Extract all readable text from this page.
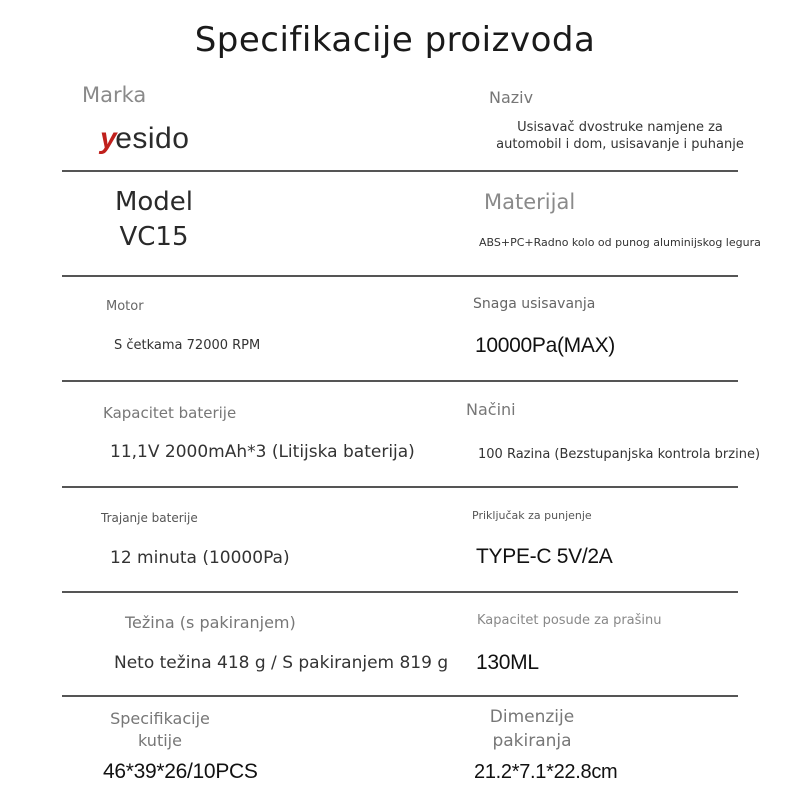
Specifikacije proizvoda
Marka
yesido
Naziv
Usisavač dvostruke namjene za
automobil i dom, usisavanje i puhanje
Model
VC15
Materijal
ABS+PC+Radno kolo od punog aluminijskog legura
Motor
S četkama 72000 RPM
Snaga usisavanja
10000Pa(MAX)
Kapacitet baterije
11,1V 2000mAh*3 (Litijska baterija)
Načini
100 Razina (Bezstupanjska kontrola brzine)
Trajanje baterije
12 minuta (10000Pa)
Priključak za punjenje
TYPE-C 5V/2A
Težina (s pakiranjem)
Neto težina 418 g / S pakiranjem 819 g
Kapacitet posude za prašinu
130ML
Specifikacije
kutije
46*39*26/10PCS
Dimenzije
pakiranja
21.2*7.1*22.8cm
